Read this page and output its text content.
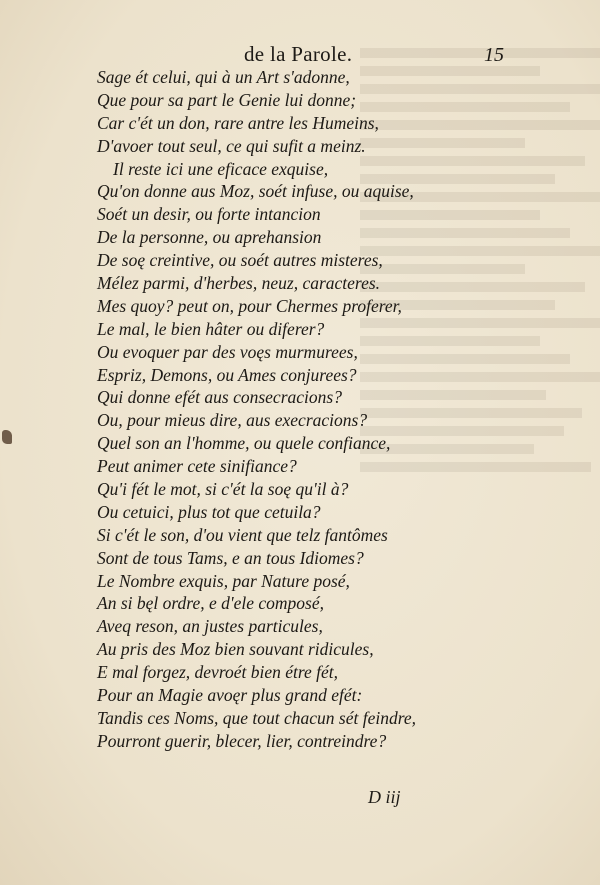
de la Parole.	15
Sage ét celui, qui à un Art s'adonne,
Que pour sa part le Genie lui donne;
Car c'ét un don, rare antre les Humeins,
D'avoer tout seul, ce qui sufit a meinz.
Il reste ici une eficace exquise,
Qu'on donne aus Moz, soét infuse, ou aquise,
Soét un desir, ou forte intancion
De la personne, ou aprehansion
De soę creintive, ou soét autres misteres,
Mélez parmi, d'herbes, neuz, caracteres.
Mes quoy? peut on, pour Chermes proferer,
Le mal, le bien hâter ou diferer?
Ou evoquer par des voęs murmurees,
Espriz, Demons, ou Ames conjurees?
Qui donne efét aus consecracions?
Ou, pour mieus dire, aus execracions?
Quel son an l'homme, ou quele confiance,
Peut animer cete sinifiance?
Qu'i fét le mot, si c'ét la soę qu'il à?
Ou cetuici, plus tot que cetuila?
Si c'ét le son, d'ou vient que telz fantômes
Sont de tous Tams, e an tous Idiomes?
Le Nombre exquis, par Nature posé,
An si bęl ordre, e d'ele composé,
Aveq reson, an justes particules,
Au pris des Moz bien souvant ridicules,
E mal forgez, devroét bien étre fét,
Pour an Magie avoęr plus grand efét:
Tandis ces Noms, que tout chacun sét feindre,
Pourront guerir, blecer, lier, contreindre?
D iij
